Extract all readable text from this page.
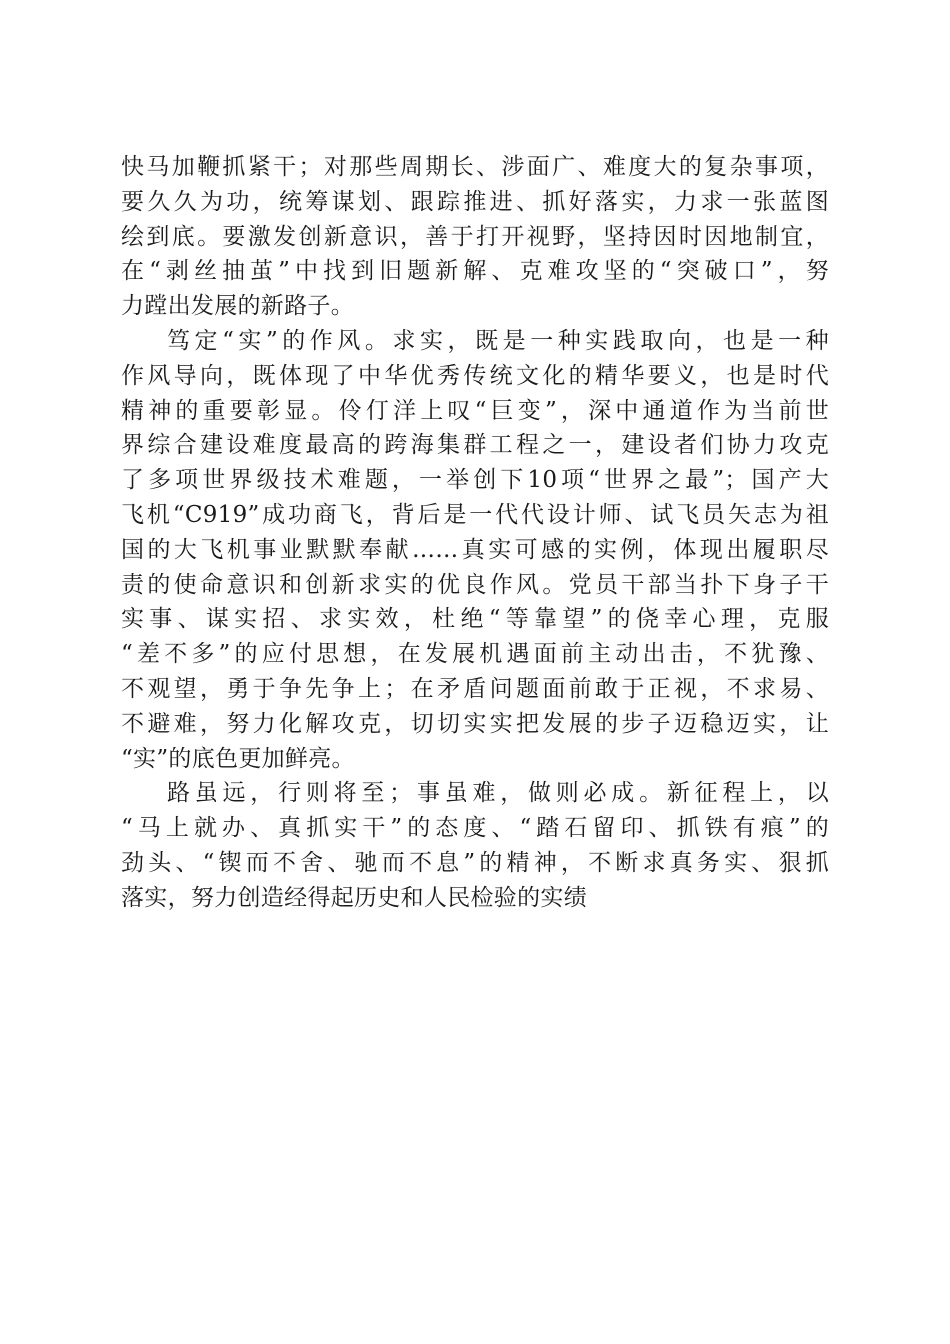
快马加鞭抓紧干；对那些周期长、涉面广、难度大的复杂事项，
要久久为功，统筹谋划、跟踪推进、抓好落实，力求一张蓝图
绘到底。要激发创新意识，善于打开视野，坚持因时因地制宜，
在“剥丝抽茧”中找到旧题新解、克难攻坚的“突破口”，努
力蹚出发展的新路子。
笃定“实”的作风。求实，既是一种实践取向，也是一种
作风导向，既体现了中华优秀传统文化的精华要义，也是时代
精神的重要彰显。伶仃洋上叹“巨变”，深中通道作为当前世
界综合建设难度最高的跨海集群工程之一，建设者们协力攻克
了多项世界级技术难题，一举创下10项“世界之最”；国产大
飞机“C919”成功商飞，背后是一代代设计师、试飞员矢志为祖
国的大飞机事业默默奉献……真实可感的实例，体现出履职尽
责的使命意识和创新求实的优良作风。党员干部当扑下身子干
实事、谋实招、求实效，杜绝“等靠望”的侥幸心理，克服
“差不多”的应付思想，在发展机遇面前主动出击，不犹豫、
不观望，勇于争先争上；在矛盾问题面前敢于正视，不求易、
不避难，努力化解攻克，切切实实把发展的步子迈稳迈实，让
“实”的底色更加鲜亮。
路虽远，行则将至；事虽难，做则必成。新征程上，以
“马上就办、真抓实干”的态度、“踏石留印、抓铁有痕”的
劲头、“锲而不舍、驰而不息”的精神，不断求真务实、狠抓
落实，努力创造经得起历史和人民检验的实绩
